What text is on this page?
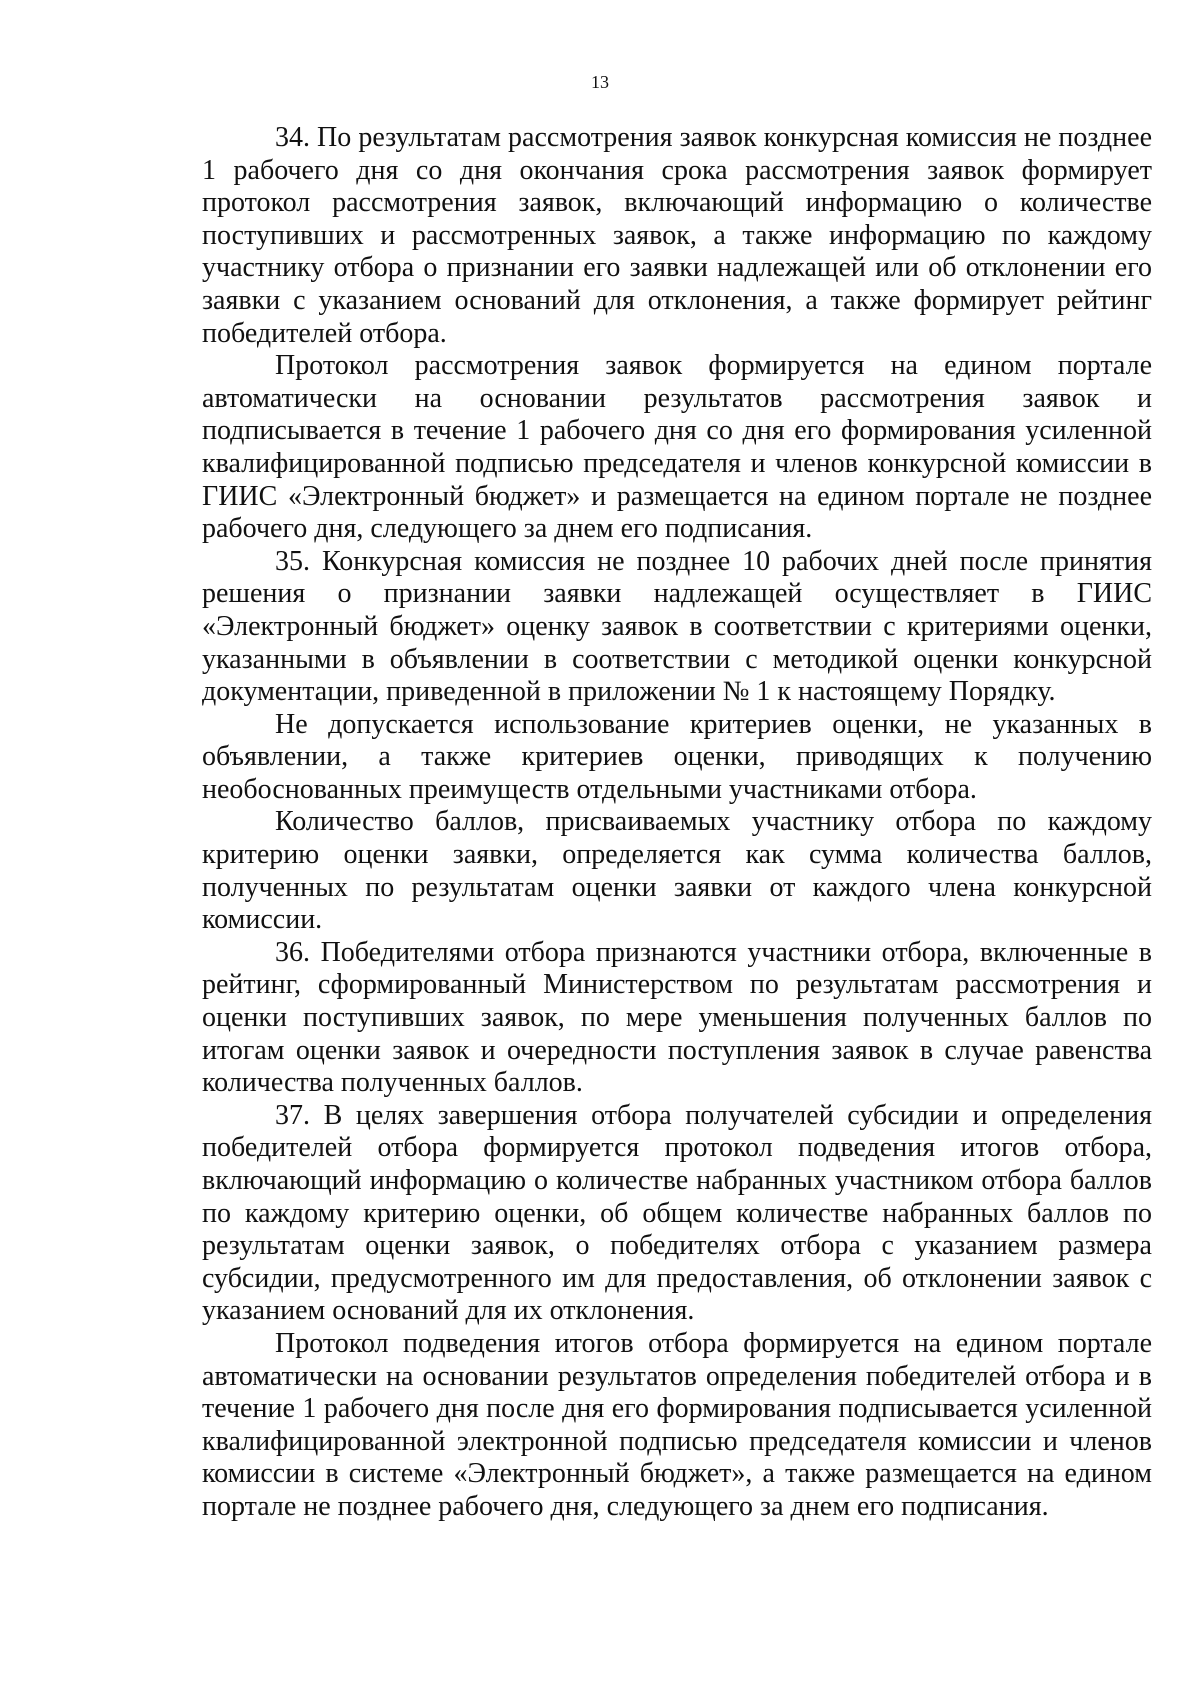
13

34. По результатам рассмотрения заявок конкурсная комиссия не позднее 1 рабочего дня со дня окончания срока рассмотрения заявок формирует протокол рассмотрения заявок, включающий информацию о количестве поступивших и рассмотренных заявок, а также информацию по каждому участнику отбора о признании его заявки надлежащей или об отклонении его заявки с указанием оснований для отклонения, а также формирует рейтинг победителей отбора.

Протокол рассмотрения заявок формируется на едином портале автоматически на основании результатов рассмотрения заявок и подписывается в течение 1 рабочего дня со дня его формирования усиленной квалифицированной подписью председателя и членов конкурсной комиссии в ГИИС «Электронный бюджет» и размещается на едином портале не позднее рабочего дня, следующего за днем его подписания.

35. Конкурсная комиссия не позднее 10 рабочих дней после принятия решения о признании заявки надлежащей осуществляет в ГИИС «Электронный бюджет» оценку заявок в соответствии с критериями оценки, указанными в объявлении в соответствии с методикой оценки конкурсной документации, приведенной в приложении № 1 к настоящему Порядку.

Не допускается использование критериев оценки, не указанных в объявлении, а также критериев оценки, приводящих к получению необоснованных преимуществ отдельными участниками отбора.

Количество баллов, присваиваемых участнику отбора по каждому критерию оценки заявки, определяется как сумма количества баллов, полученных по результатам оценки заявки от каждого члена конкурсной комиссии.

36. Победителями отбора признаются участники отбора, включенные в рейтинг, сформированный Министерством по результатам рассмотрения и оценки поступивших заявок, по мере уменьшения полученных баллов по итогам оценки заявок и очередности поступления заявок в случае равенства количества полученных баллов.

37. В целях завершения отбора получателей субсидии и определения победителей отбора формируется протокол подведения итогов отбора, включающий информацию о количестве набранных участником отбора баллов по каждому критерию оценки, об общем количестве набранных баллов по результатам оценки заявок, о победителях отбора с указанием размера субсидии, предусмотренного им для предоставления, об отклонении заявок с указанием оснований для их отклонения.

Протокол подведения итогов отбора формируется на едином портале автоматически на основании результатов определения победителей отбора и в течение 1 рабочего дня после дня его формирования подписывается усиленной квалифицированной электронной подписью председателя комиссии и членов комиссии в системе «Электронный бюджет», а также размещается на едином портале не позднее рабочего дня, следующего за днем его подписания.
